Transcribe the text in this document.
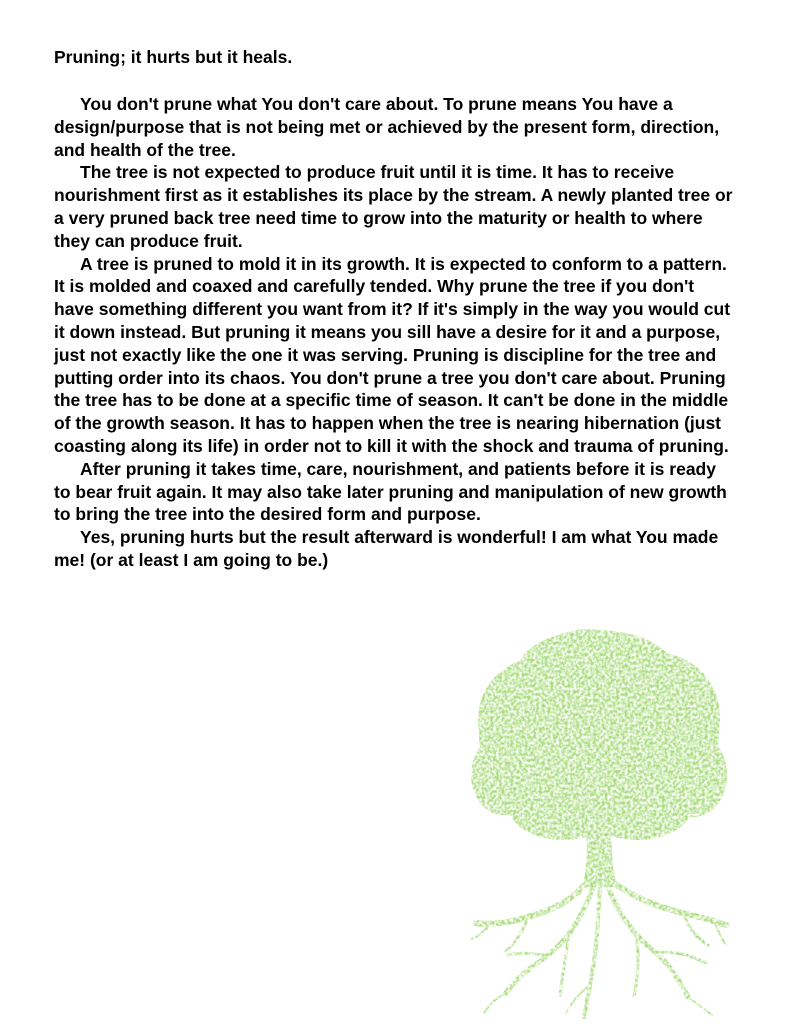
Pruning; it hurts but it heals.

You don't prune what You don't care about. To prune means You have a design/purpose that is not being met or achieved by the present form, direction, and health of the tree.

The tree is not expected to produce fruit until it is time. It has to receive nourishment first as it establishes its place by the stream. A newly planted tree or a very pruned back tree need time to grow into the maturity or health to where they can produce fruit.

A tree is pruned to mold it in its growth. It is expected to conform to a pattern. It is molded and coaxed and carefully tended. Why prune the tree if you don't have something different you want from it? If it's simply in the way you would cut it down instead. But pruning it means you sill have a desire for it and a purpose, just not exactly like the one it was serving. Pruning is discipline for the tree and putting order into its chaos. You don't prune a tree you don't care about. Pruning the tree has to be done at a specific time of season. It can't be done in the middle of the growth season. It has to happen when the tree is nearing hibernation (just coasting along its life) in order not to kill it with the shock and trauma of pruning.

After pruning it takes time, care, nourishment, and patients before it is ready to bear fruit again. It may also take later pruning and manipulation of new growth to bring the tree into the desired form and purpose.

Yes, pruning hurts but the result afterward is wonderful! I am what You made me! (or at least I am going to be.)
